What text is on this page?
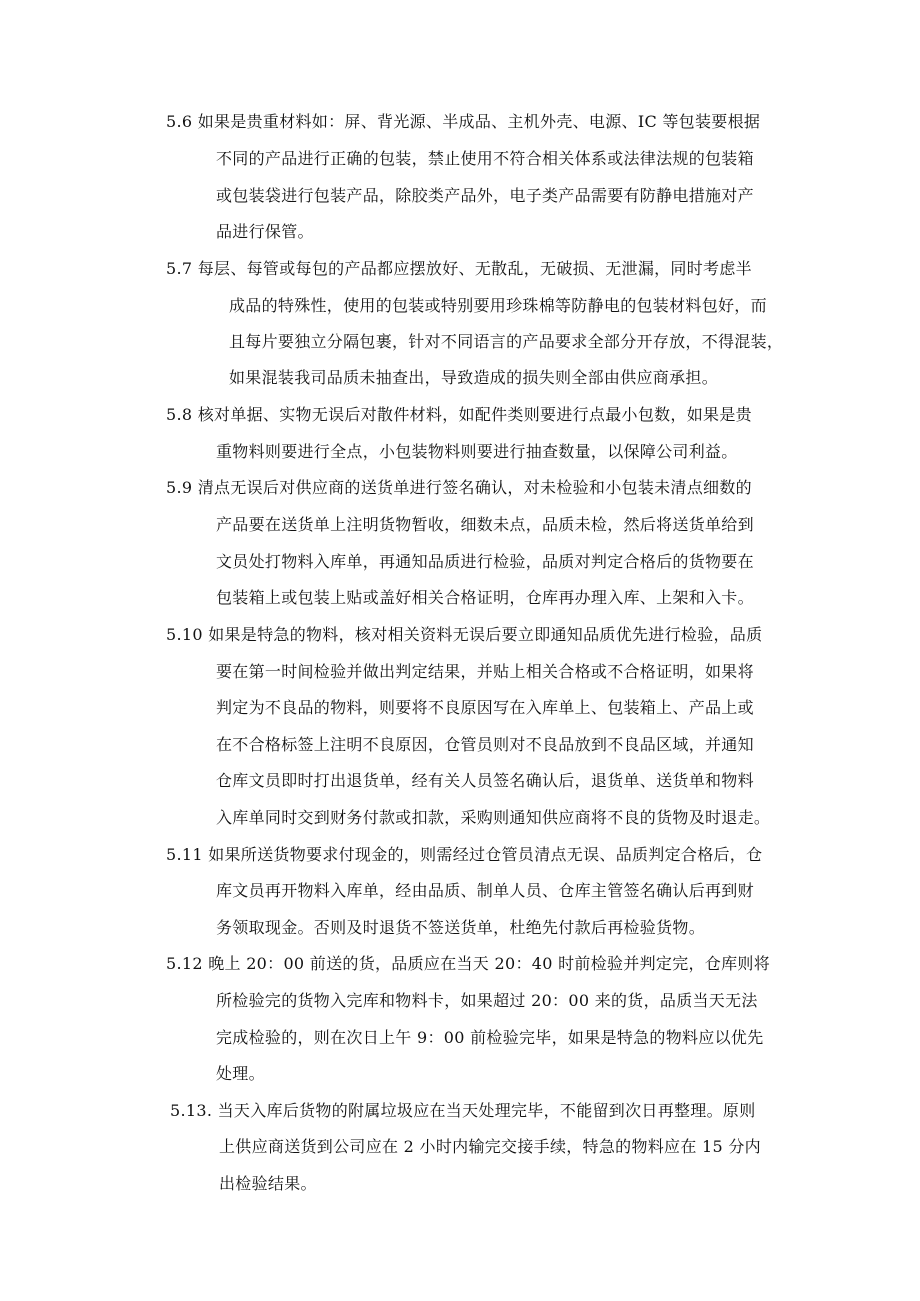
5.6 如果是贵重材料如：屏、背光源、半成品、主机外壳、电源、IC 等包装要根据
不同的产品进行正确的包装，禁止使用不符合相关体系或法律法规的包装箱
或包装袋进行包装产品，除胶类产品外，电子类产品需要有防静电措施对产
品进行保管。
5.7 每层、每管或每包的产品都应摆放好、无散乱，无破损、无泄漏，同时考虑半
成品的特殊性，使用的包装或特别要用珍珠棉等防静电的包装材料包好，而
且每片要独立分隔包裹，针对不同语言的产品要求全部分开存放，不得混装，
如果混装我司品质未抽查出，导致造成的损失则全部由供应商承担。
5.8 核对单据、实物无误后对散件材料，如配件类则要进行点最小包数，如果是贵
重物料则要进行全点，小包装物料则要进行抽查数量，以保障公司利益。
5.9 清点无误后对供应商的送货单进行签名确认，对未检验和小包装未清点细数的
产品要在送货单上注明货物暂收，细数未点，品质未检，然后将送货单给到
文员处打物料入库单，再通知品质进行检验，品质对判定合格后的货物要在
包装箱上或包装上贴或盖好相关合格证明，仓库再办理入库、上架和入卡。
5.10 如果是特急的物料，核对相关资料无误后要立即通知品质优先进行检验，品质
要在第一时间检验并做出判定结果，并贴上相关合格或不合格证明，如果将
判定为不良品的物料，则要将不良原因写在入库单上、包装箱上、产品上或
在不合格标签上注明不良原因，仓管员则对不良品放到不良品区域，并通知
仓库文员即时打出退货单，经有关人员签名确认后，退货单、送货单和物料
入库单同时交到财务付款或扣款，采购则通知供应商将不良的货物及时退走。
5.11 如果所送货物要求付现金的，则需经过仓管员清点无误、品质判定合格后，仓
库文员再开物料入库单，经由品质、制单人员、仓库主管签名确认后再到财
务领取现金。否则及时退货不签送货单，杜绝先付款后再检验货物。
5.12 晚上 20：00 前送的货，品质应在当天 20：40 时前检验并判定完，仓库则将
所检验完的货物入完库和物料卡，如果超过 20：00 来的货，品质当天无法
完成检验的，则在次日上午 9：00 前检验完毕，如果是特急的物料应以优先
处理。
5.13. 当天入库后货物的附属垃圾应在当天处理完毕，不能留到次日再整理。原则
上供应商送货到公司应在 2 小时内输完交接手续，特急的物料应在 15 分内
出检验结果。
